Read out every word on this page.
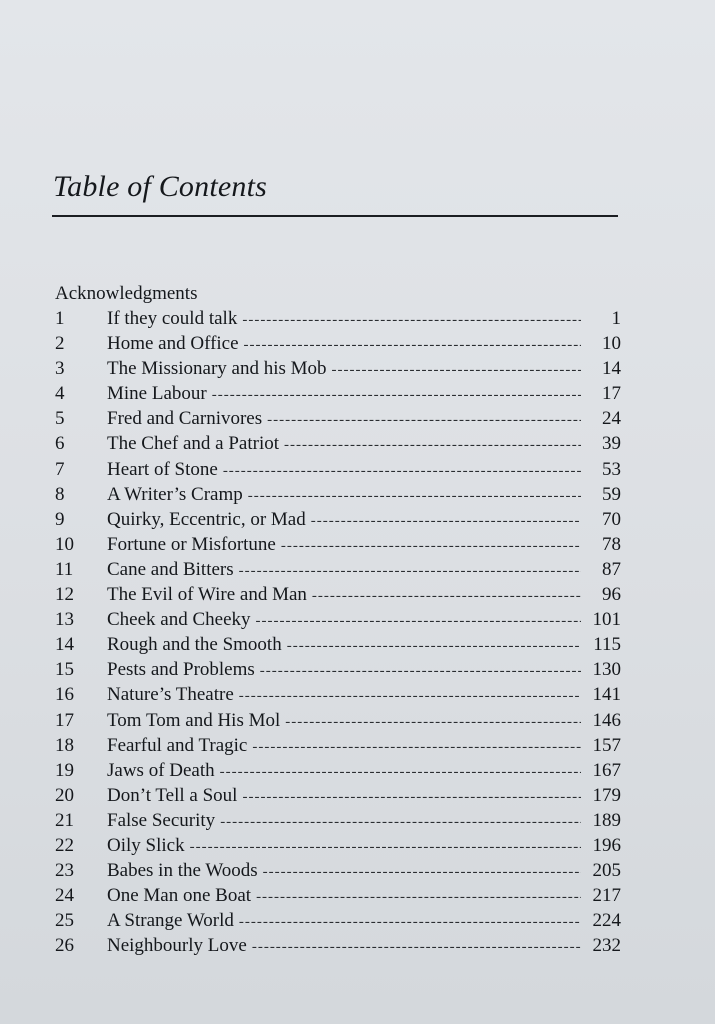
Table of Contents
Acknowledgments
1	If they could talk -----	1
2	Home and Office -----	10
3	The Missionary and his Mob -----	14
4	Mine Labour -----	17
5	Fred and Carnivores -----	24
6	The Chef and a Patriot -----	39
7	Heart of Stone -----	53
8	A Writer’s Cramp -----	59
9	Quirky, Eccentric, or Mad -----	70
10	Fortune or Misfortune -----	78
11	Cane and Bitters -----	87
12	The Evil of Wire and Man -----	96
13	Cheek and Cheeky -----	101
14	Rough and the Smooth -----	115
15	Pests and Problems -----	130
16	Nature’s Theatre -----	141
17	Tom Tom and His Mol -----	146
18	Fearful and Tragic -----	157
19	Jaws of Death -----	167
20	Don’t Tell a Soul -----	179
21	False Security -----	189
22	Oily Slick -----	196
23	Babes in the Woods -----	205
24	One Man one Boat -----	217
25	A Strange World -----	224
26	Neighbourly Love -----	232
